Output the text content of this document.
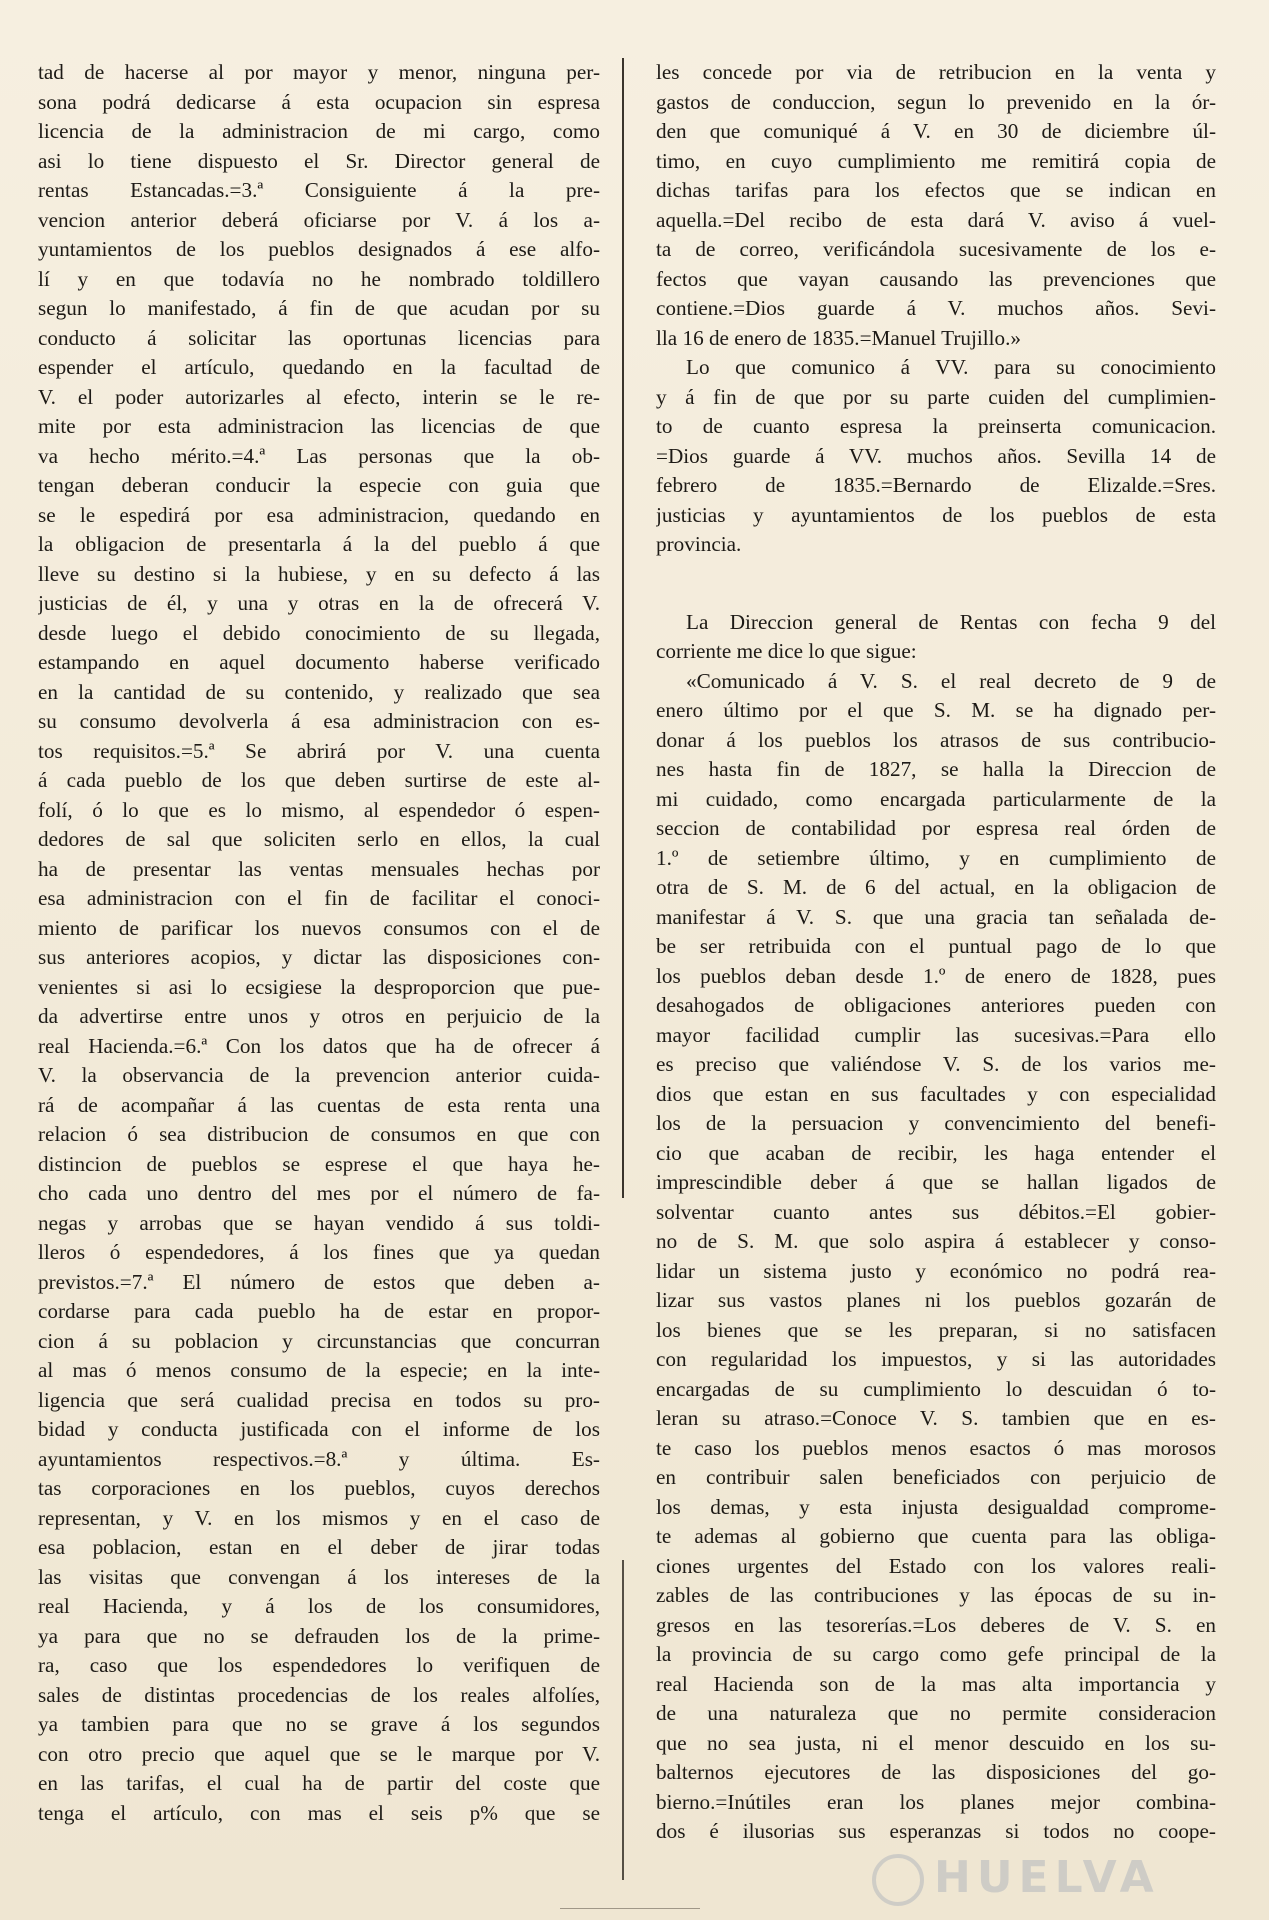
tad de hacerse al por mayor y menor, ninguna per-
sona podrá dedicarse á esta ocupacion sin espresa
licencia de la administracion de mi cargo, como
asi lo tiene dispuesto el Sr. Director general de
rentas Estancadas.=3.ª Consiguiente á la pre-
vencion anterior deberá oficiarse por V. á los a-
yuntamientos de los pueblos designados á ese alfo-
lí y en que todavía no he nombrado toldillero
segun lo manifestado, á fin de que acudan por su
conducto á solicitar las oportunas licencias para
espender el artículo, quedando en la facultad de
V. el poder autorizarles al efecto, interin se le re-
mite por esta administracion las licencias de que
va hecho mérito.=4.ª Las personas que la ob-
tengan deberan conducir la especie con guia que
se le espedirá por esa administracion, quedando en
la obligacion de presentarla á la del pueblo á que
lleve su destino si la hubiese, y en su defecto á las
justicias de él, y una y otras en la de ofrecerá V.
desde luego el debido conocimiento de su llegada,
estampando en aquel documento haberse verificado
en la cantidad de su contenido, y realizado que sea
su consumo devolverla á esa administracion con es-
tos requisitos.=5.ª Se abrirá por V. una cuenta
á cada pueblo de los que deben surtirse de este al-
folí, ó lo que es lo mismo, al espendedor ó espen-
dedores de sal que soliciten serlo en ellos, la cual
ha de presentar las ventas mensuales hechas por
esa administracion con el fin de facilitar el conoci-
miento de parificar los nuevos consumos con el de
sus anteriores acopios, y dictar las disposiciones con-
venientes si asi lo ecsigiese la desproporcion que pue-
da advertirse entre unos y otros en perjuicio de la
real Hacienda.=6.ª Con los datos que ha de ofrecer á
V. la observancia de la prevencion anterior cuida-
rá de acompañar á las cuentas de esta renta una
relacion ó sea distribucion de consumos en que con
distincion de pueblos se esprese el que haya he-
cho cada uno dentro del mes por el número de fa-
negas y arrobas que se hayan vendido á sus toldi-
lleros ó espendedores, á los fines que ya quedan
previstos.=7.ª El número de estos que deben a-
cordarse para cada pueblo ha de estar en propor-
cion á su poblacion y circunstancias que concurran
al mas ó menos consumo de la especie; en la inte-
ligencia que será cualidad precisa en todos su pro-
bidad y conducta justificada con el informe de los
ayuntamientos respectivos.=8.ª y última. Es-
tas corporaciones en los pueblos, cuyos derechos
representan, y V. en los mismos y en el caso de
esa poblacion, estan en el deber de jirar todas
las visitas que convengan á los intereses de la
real Hacienda, y á los de los consumidores,
ya para que no se defrauden los de la prime-
ra, caso que los espendedores lo verifiquen de
sales de distintas procedencias de los reales alfolíes,
ya tambien para que no se grave á los segundos
con otro precio que aquel que se le marque por V.
en las tarifas, el cual ha de partir del coste que
tenga el artículo, con mas el seis p% que se
les concede por via de retribucion en la venta y
gastos de conduccion, segun lo prevenido en la ór-
den que comuniqué á V. en 30 de diciembre úl-
timo, en cuyo cumplimiento me remitirá copia de
dichas tarifas para los efectos que se indican en
aquella.=Del recibo de esta dará V. aviso á vuel-
ta de correo, verificándola sucesivamente de los e-
fectos que vayan causando las prevenciones que
contiene.=Dios guarde á V. muchos años. Sevi-
lla 16 de enero de 1835.=Manuel Trujillo.»
Lo que comunico á VV. para su conocimiento
y á fin de que por su parte cuiden del cumplimien-
to de cuanto espresa la preinserta comunicacion.
=Dios guarde á VV. muchos años. Sevilla 14 de
febrero de 1835.=Bernardo de Elizalde.=Sres.
justicias y ayuntamientos de los pueblos de esta
provincia.
La Direccion general de Rentas con fecha 9 del
corriente me dice lo que sigue:
«Comunicado á V. S. el real decreto de 9 de
enero último por el que S. M. se ha dignado per-
donar á los pueblos los atrasos de sus contribucio-
nes hasta fin de 1827, se halla la Direccion de
mi cuidado, como encargada particularmente de la
seccion de contabilidad por espresa real órden de
1.º de setiembre último, y en cumplimiento de
otra de S. M. de 6 del actual, en la obligacion de
manifestar á V. S. que una gracia tan señalada de-
be ser retribuida con el puntual pago de lo que
los pueblos deban desde 1.º de enero de 1828, pues
desahogados de obligaciones anteriores pueden con
mayor facilidad cumplir las sucesivas.=Para ello
es preciso que valiéndose V. S. de los varios me-
dios que estan en sus facultades y con especialidad
los de la persuacion y convencimiento del benefi-
cio que acaban de recibir, les haga entender el
imprescindible deber á que se hallan ligados de
solventar cuanto antes sus débitos.=El gobier-
no de S. M. que solo aspira á establecer y conso-
lidar un sistema justo y económico no podrá rea-
lizar sus vastos planes ni los pueblos gozarán de
los bienes que se les preparan, si no satisfacen
con regularidad los impuestos, y si las autoridades
encargadas de su cumplimiento lo descuidan ó to-
leran su atraso.=Conoce V. S. tambien que en es-
te caso los pueblos menos esactos ó mas morosos
en contribuir salen beneficiados con perjuicio de
los demas, y esta injusta desigualdad comprome-
te ademas al gobierno que cuenta para las obliga-
ciones urgentes del Estado con los valores reali-
zables de las contribuciones y las épocas de su in-
gresos en las tesorerías.=Los deberes de V. S. en
la provincia de su cargo como gefe principal de la
real Hacienda son de la mas alta importancia y
de una naturaleza que no permite consideracion
que no sea justa, ni el menor descuido en los su-
balternos ejecutores de las disposiciones del go-
bierno.=Inútiles eran los planes mejor combina-
dos é ilusorias sus esperanzas si todos no coope-
HUELVA
